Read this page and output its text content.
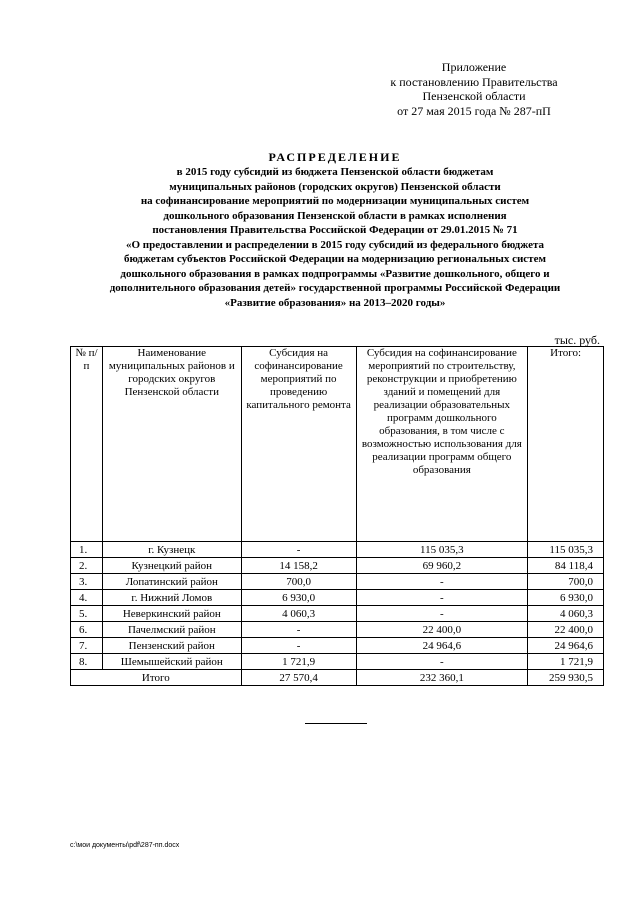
Приложение
к постановлению Правительства
Пензенской области
от 27 мая 2015 года № 287-пП
РАСПРЕДЕЛЕНИЕ
в 2015 году субсидий из бюджета Пензенской области бюджетам
муниципальных районов (городских округов) Пензенской области
на софинансирование мероприятий по модернизации муниципальных систем
дошкольного образования Пензенской области в рамках исполнения
постановления Правительства Российской Федерации от 29.01.2015 № 71
«О предоставлении и распределении в 2015 году субсидий из федерального бюджета
бюджетам субъектов Российской Федерации на модернизацию региональных систем
дошкольного образования в рамках подпрограммы «Развитие дошкольного, общего и
дополнительного образования детей» государственной программы Российской Федерации
«Развитие образования» на 2013–2020 годы»
тыс. руб.
№ п/п	Наименование муниципальных районов и городских округов Пензенской области	Субсидия на софинансирование мероприятий по проведению капитального ремонта	Субсидия на софинансирование мероприятий по строительству, реконструкции и приобретению зданий и помещений для реализации образовательных программ дошкольного образования, в том числе с возможностью использования для реализации программ общего образования	Итого:
1.	г. Кузнецк	-	115 035,3	115 035,3
2.	Кузнецкий район	14 158,2	69 960,2	84 118,4
3.	Лопатинский район	700,0	-	700,0
4.	г. Нижний Ломов	6 930,0	-	6 930,0
5.	Неверкинский район	4 060,3	-	4 060,3
6.	Пачелмский район	-	22 400,0	22 400,0
7.	Пензенский район	-	24 964,6	24 964,6
8.	Шемышейский район	1 721,9	-	1 721,9
Итого		27 570,4	232 360,1	259 930,5
с:\мои документы\pdf\287-пп.docx
